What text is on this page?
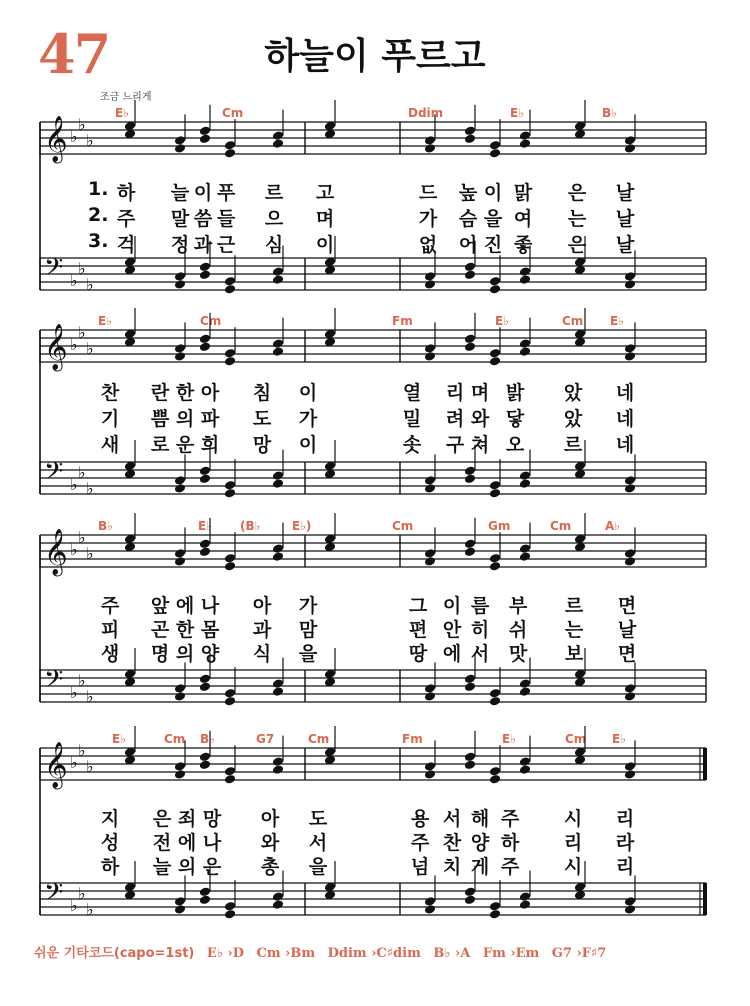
47	하늘이 푸르고
조금 느리게
E♭	Cm	Ddim	E♭	B♭
𝄞 ♭
♭
♭
𝄢 ♭
♭
♭
1. 하 늘 이 푸 르 고	드 높 이 맑 은 날
2. 주 말 씀 들 으 며	가 슴 을 여 는 날
3. 걱 정 과 근 심 이	없 어 진 좋 은 날
E♭	Cm	Fm	E♭	Cm E♭
𝄞 ♭
♭
♭
𝄢 ♭
♭
♭
찬 란 한 아 침 이	열 리 며 밝 았 네
기 쁨 의 파 도 가	밀 려 와 닿 았 네
새 로 운 희 망 이	솟 구 쳐 오 르 네
B♭	E♭ (B♭	E♭)	Cm	Gm	Cm	A♭
𝄞 ♭
♭
♭
𝄢 ♭
♭
♭
주 앞 에 나 아 가	그 이 름 부 르 면
피 곤 한 몸 과 맘	편 안 히 쉬 는 날
생 명 의 양 식 을	땅 에 서 맛 보 면
E♭	Cm B♭	G7	Cm	Fm	E♭	Cm E♭
𝄞 ♭
♭
♭
𝄢 ♭
♭
♭
지 은 죄 망 아 도	용 서 해 주 시 리
성 전 에 나 와 서	주 찬 양 하 리 라
하 늘 의 은 총 을	넘 치 게 주 시 리
쉬운 기타코드(capo=1st) E♭ ›D Cm ›Bm Ddim ›C♯dim B♭ ›A Fm ›Em G7 ›F♯7
